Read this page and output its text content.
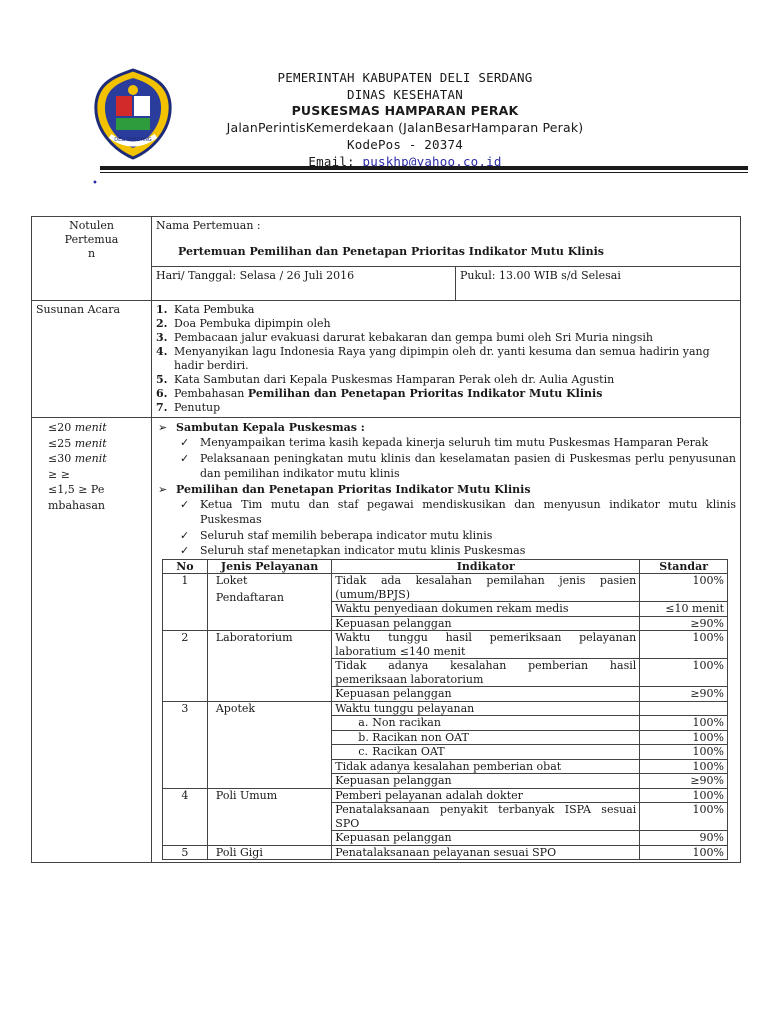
DELI SERDANG
PEMERINTAH KABUPATEN DELI SERDANG
DINAS KESEHATAN
PUSKESMAS HAMPARAN PERAK
JalanPerintisKemerdekaan (JalanBesarHamparan Perak)
KodePos - 20374
Email: puskhp@yahoo.co.id
•
Notulen
Pertemua
n
	Nama Pertemuan :
Pertemuan Pemilihan dan Penetapan Prioritas Indikator Mutu Klinis

Hari/ Tanggal: Selasa / 26 Juli 2016	Pukul: 13.00 WIB s/d Selesai
Susunan Acara	1. Kata Pembuka
2. Doa Pembuka dipimpin oleh
3. Pembacaan jalur evakuasi darurat kebakaran dan gempa bumi oleh Sri Muria ningsih
4. Menyanyikan lagu Indonesia Raya yang dipimpin oleh dr. yanti kesuma dan semua hadirin yang hadir berdiri.
5. Kata Sambutan dari Kepala Puskesmas Hamparan Perak oleh dr. Aulia Agustin
6. Pembahasan Pemilihan dan Penetapan Prioritas Indikator Mutu Klinis
7. Penutup

≤20 menit
≤25 menit
≤30 menit
≥ ≥
≤1,5 ≥ Pe
mbahasan

➢ Sambutan Kepala Puskesmas :
✓ Menyampaikan terima kasih kepada kinerja seluruh tim mutu Puskesmas Hamparan Perak
✓ Pelaksanaan peningkatan mutu klinis dan keselamatan pasien di Puskesmas perlu penyusunan dan pemilihan indikator mutu klinis
➢ Pemilihan dan Penetapan Prioritas Indikator Mutu Klinis
✓ Ketua Tim mutu dan staf pegawai mendiskusikan dan menyusun indikator mutu klinis Puskesmas
✓ Seluruh staf memilih beberapa indicator mutu klinis
✓ Seluruh staf menetapkan indicator mutu klinis Puskesmas
No	Jenis Pelayanan	Indikator	Standar
1	Loket
Pendaftaran
	Tidak ada kesalahan pemilahan jenis pasien (umum/BPJS)	100%
Waktu penyediaan dokumen rekam medis	≤10 menit
Kepuasan pelanggan	≥90%
2	Laboratorium	Waktu tunggu hasil pemeriksaan pelayanan laboratium ≤140 menit	100%
Tidak adanya kesalahan pemberian hasil pemeriksaan laboratorium	100%
Kepuasan pelanggan	≥90%
3	Apotek	Waktu tunggu pelayanan	
a. Non racikan	100%
b. Racikan non OAT	100%
c. Racikan OAT	100%
Tidak adanya kesalahan pemberian obat	100%
Kepuasan pelanggan	≥90%
4	Poli Umum	Pemberi pelayanan adalah dokter	100%
Penatalaksanaan penyakit terbanyak ISPA sesuai SPO	100%
Kepuasan pelanggan	90%
5	Poli Gigi	Penatalaksanaan pelayanan sesuai SPO	100%
